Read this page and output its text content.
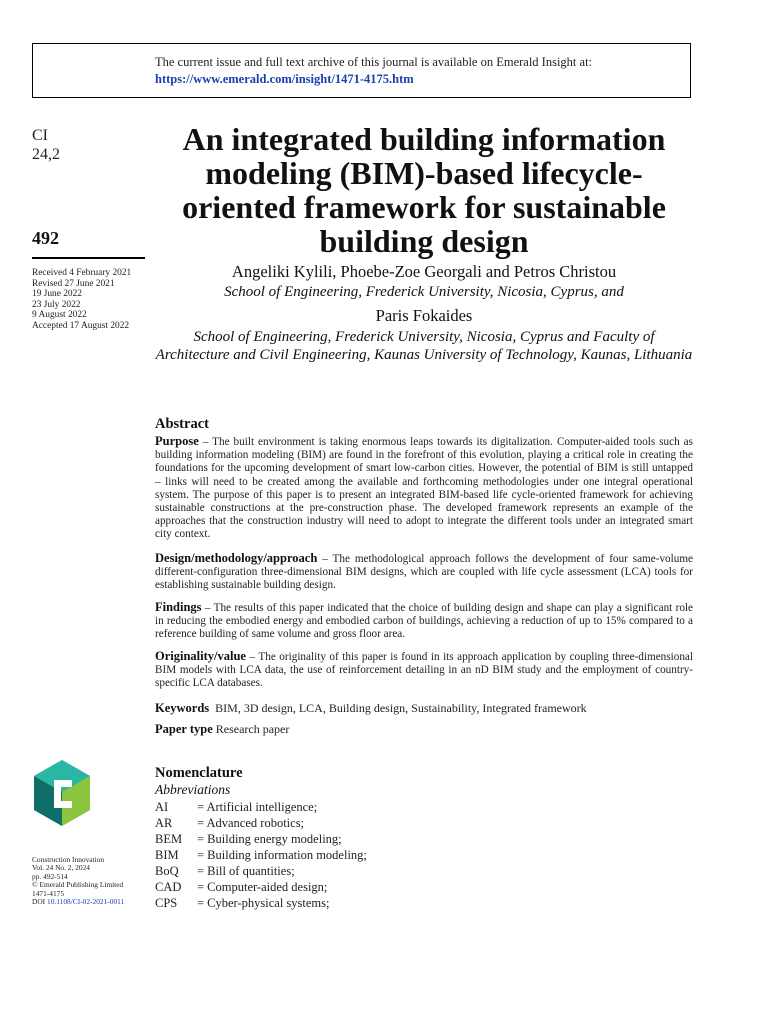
The current issue and full text archive of this journal is available on Emerald Insight at:
https://www.emerald.com/insight/1471-4175.htm
CI
24,2
492
Received 4 February 2021
Revised 27 June 2021
19 June 2022
23 July 2022
9 August 2022
Accepted 17 August 2022
An integrated building information modeling (BIM)-based lifecycle-oriented framework for sustainable building design
Angeliki Kylili, Phoebe-Zoe Georgali and Petros Christou
School of Engineering, Frederick University, Nicosia, Cyprus, and
Paris Fokaides
School of Engineering, Frederick University, Nicosia, Cyprus and Faculty of Architecture and Civil Engineering, Kaunas University of Technology, Kaunas, Lithuania
Abstract
Purpose – The built environment is taking enormous leaps towards its digitalization. Computer-aided tools such as building information modeling (BIM) are found in the forefront of this evolution, playing a critical role in creating the foundations for the upcoming development of smart low-carbon cities. However, the potential of BIM is still untapped – links will need to be created among the available and forthcoming methodologies under one integral operational system. The purpose of this paper is to present an integrated BIM-based life cycle-oriented framework for achieving sustainable constructions at the pre-construction phase. The developed framework represents an example of the approaches that the construction industry will need to adopt to integrate the different tools under an integrated smart city context.
Design/methodology/approach – The methodological approach follows the development of four same-volume different-configuration three-dimensional BIM designs, which are coupled with life cycle assessment (LCA) tools for establishing sustainable building design.
Findings – The results of this paper indicated that the choice of building design and shape can play a significant role in reducing the embodied energy and embodied carbon of buildings, achieving a reduction of up to 15% compared to a reference building of same volume and gross floor area.
Originality/value – The originality of this paper is found in its approach application by coupling three-dimensional BIM models with LCA data, the use of reinforcement detailing in an nD BIM study and the employment of country-specific LCA databases.
Keywords BIM, 3D design, LCA, Building design, Sustainability, Integrated framework
Paper type Research paper
Nomenclature
Abbreviations
AI	= Artificial intelligence;
AR	= Advanced robotics;
BEM	= Building energy modeling;
BIM	= Building information modeling;
BoQ	= Bill of quantities;
CAD	= Computer-aided design;
CPS	= Cyber-physical systems;
Construction Innovation
Vol. 24 No. 2, 2024
pp. 492-514
© Emerald Publishing Limited
1471-4175
DOI 10.1108/CI-02-2021-0011
